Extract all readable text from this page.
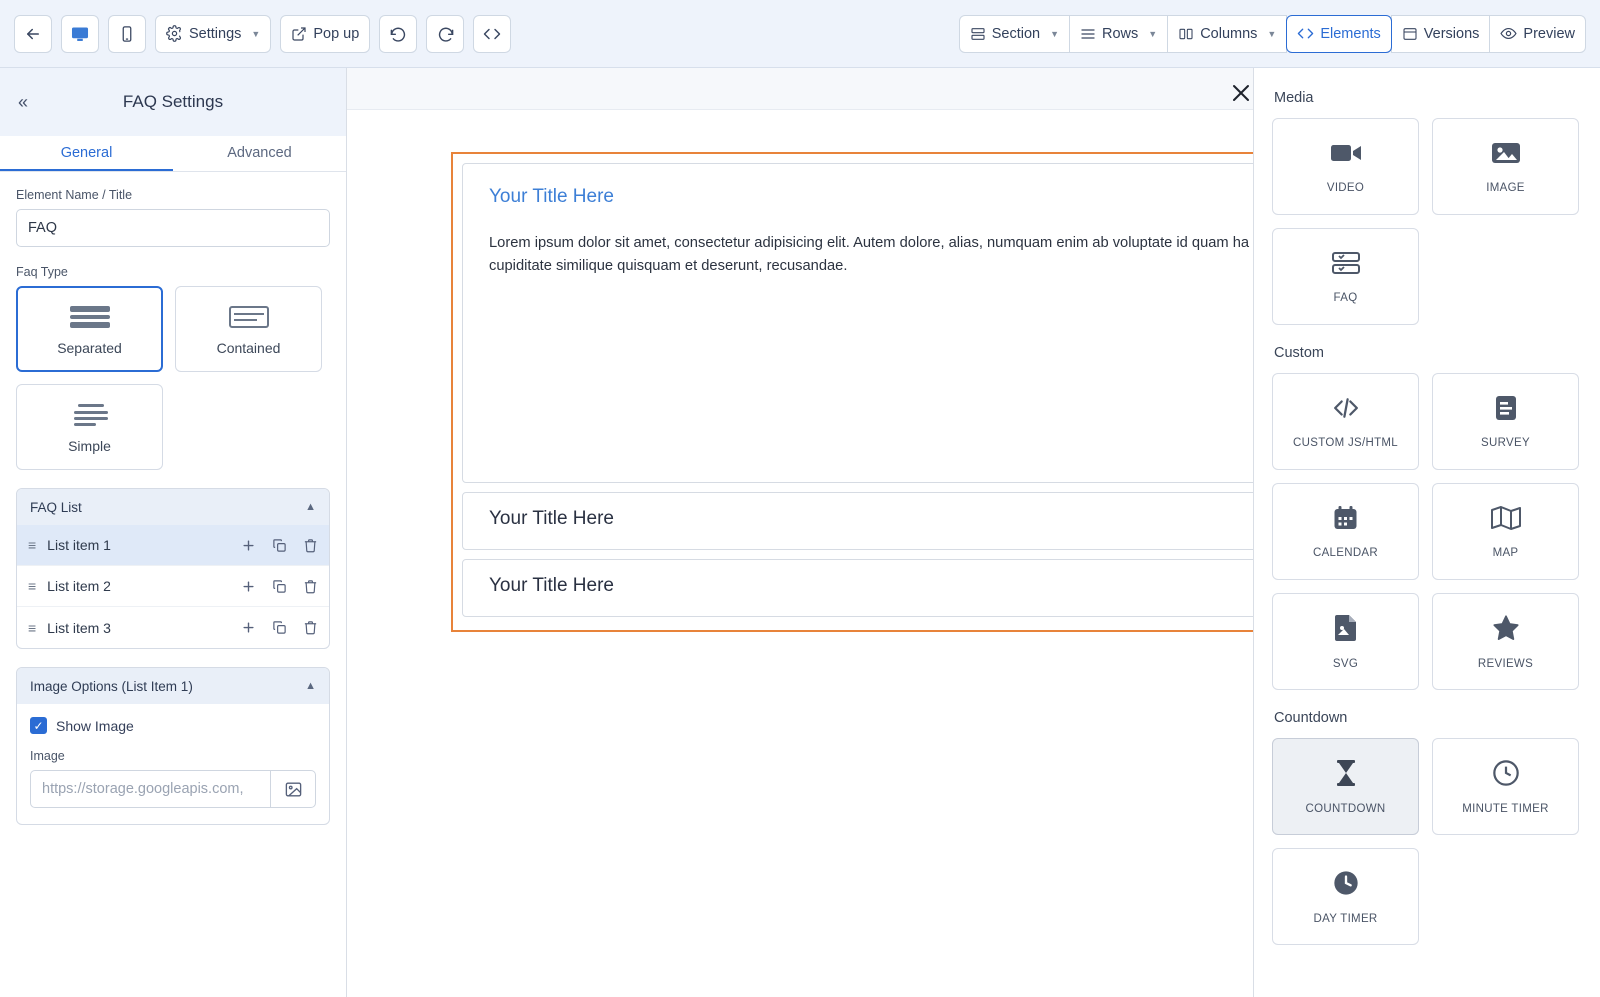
Settings ▼	Pop up	Section ▼	Rows ▼	Columns ▼	Elements	Versions	Preview
«	FAQ Settings
General	Advanced
Element Name / Title
FAQ
Faq Type
Separated	Contained
Simple
FAQ List	▲
≡ List item 1
≡ List item 2
≡ List item 3
Image Options (List Item 1)	▲
✓ Show Image
Image
https://storage.googleapis.com,
Your Title Here
Lorem ipsum dolor sit amet, consectetur adipisicing elit. Autem dolore, alias, numquam enim ab voluptate id quam ha cupiditate similique quisquam et deserunt, recusandae.
Your Title Here
Your Title Here
Media
VIDEO	IMAGE
FAQ
Custom
CUSTOM JS/HTML	SURVEY
CALENDAR	MAP
SVG	REVIEWS
Countdown
COUNTDOWN	MINUTE TIMER
DAY TIMER
